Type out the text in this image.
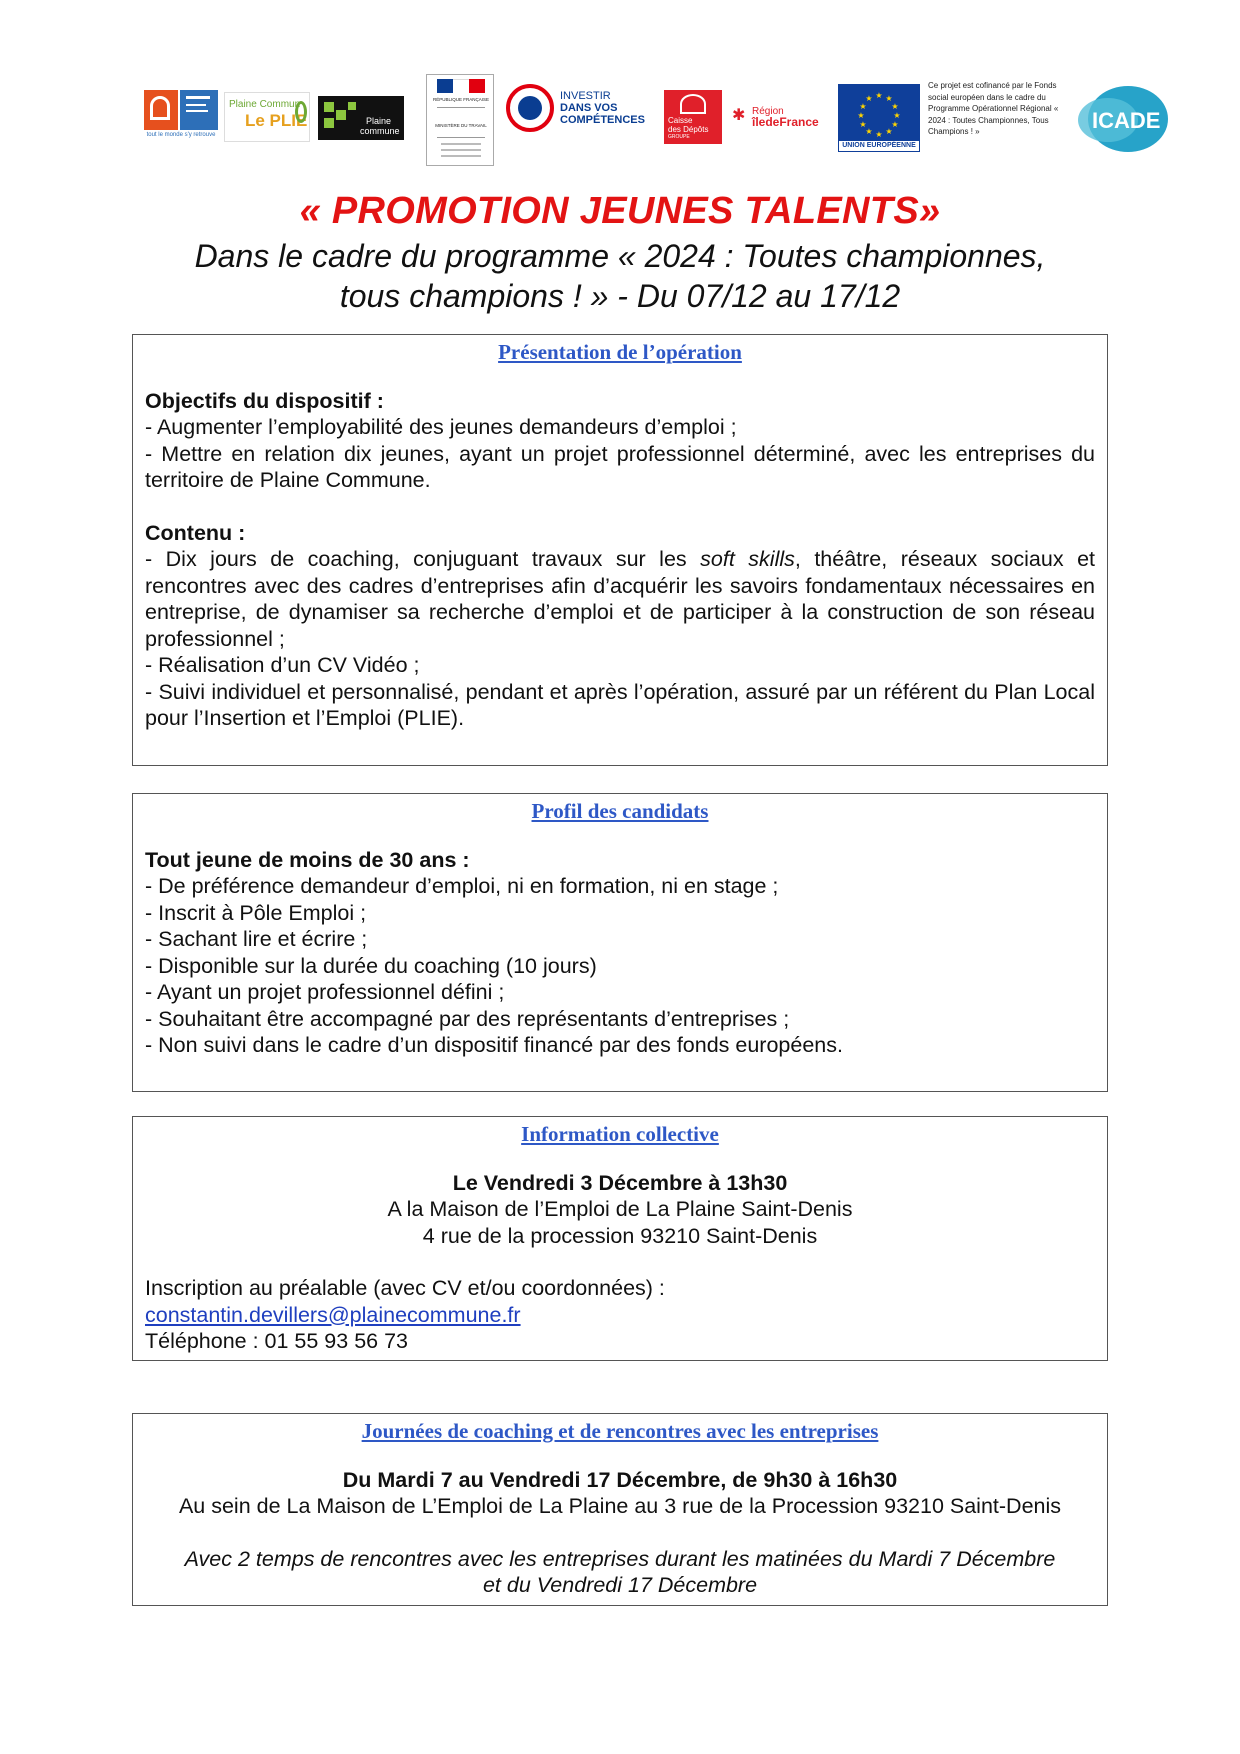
tout le monde s'y retrouve
Plaine Commun
Le PLIE	Plaine
commune
RÉPUBLIQUE FRANÇAISE
MINISTÈRE DU TRAVAIL
INVESTIR
DANS VOS
COMPÉTENCES	Caisse
des Dépôts
GROUPE
✱ Région
îledeFrance
★ ★
★
★
★
★
★
★
★
★
★
★
UNION EUROPÉENNE
Ce projet est cofinancé par le Fonds social européen dans le cadre du Programme Opérationnel Régional « 2024 : Toutes Championnes, Tous Champions ! »	ICADE
« PROMOTION JEUNES TALENTS»
Dans le cadre du programme « 2024 : Toutes championnes,
tous champions ! » - Du 07/12 au 17/12
Présentation de l’opération
Objectifs du dispositif :
- Augmenter l’employabilité des jeunes demandeurs d’emploi ;
- Mettre en relation dix jeunes, ayant un projet professionnel déterminé, avec les entreprises du territoire de Plaine Commune.
Contenu :
- Dix jours de coaching, conjuguant travaux sur les soft skills, théâtre, réseaux sociaux et rencontres avec des cadres d’entreprises afin d’acquérir les savoirs fondamentaux nécessaires en entreprise, de dynamiser sa recherche d’emploi et de participer à la construction de son réseau professionnel ;
- Réalisation d’un CV Vidéo ;
- Suivi individuel et personnalisé, pendant et après l’opération, assuré par un référent du Plan Local pour l’Insertion et l’Emploi (PLIE).
Profil des candidats
Tout jeune de moins de 30 ans :
- De préférence demandeur d’emploi, ni en formation, ni en stage ;
- Inscrit à Pôle Emploi ;
- Sachant lire et écrire ;
- Disponible sur la durée du coaching (10 jours)
- Ayant un projet professionnel défini ;
- Souhaitant être accompagné par des représentants d’entreprises ;
- Non suivi dans le cadre d’un dispositif financé par des fonds européens.
Information collective
Le Vendredi 3 Décembre à 13h30
A la Maison de l’Emploi de La Plaine Saint-Denis
4 rue de la procession 93210 Saint-Denis
Inscription au préalable (avec CV et/ou coordonnées) :
constantin.devillers@plainecommune.fr
Téléphone : 01 55 93 56 73
Journées de coaching et de rencontres avec les entreprises
Du Mardi 7 au Vendredi 17 Décembre, de 9h30 à 16h30
Au sein de La Maison de L’Emploi de La Plaine au 3 rue de la Procession 93210 Saint-Denis
Avec 2 temps de rencontres avec les entreprises durant les matinées du Mardi 7 Décembre
et du Vendredi 17 Décembre
